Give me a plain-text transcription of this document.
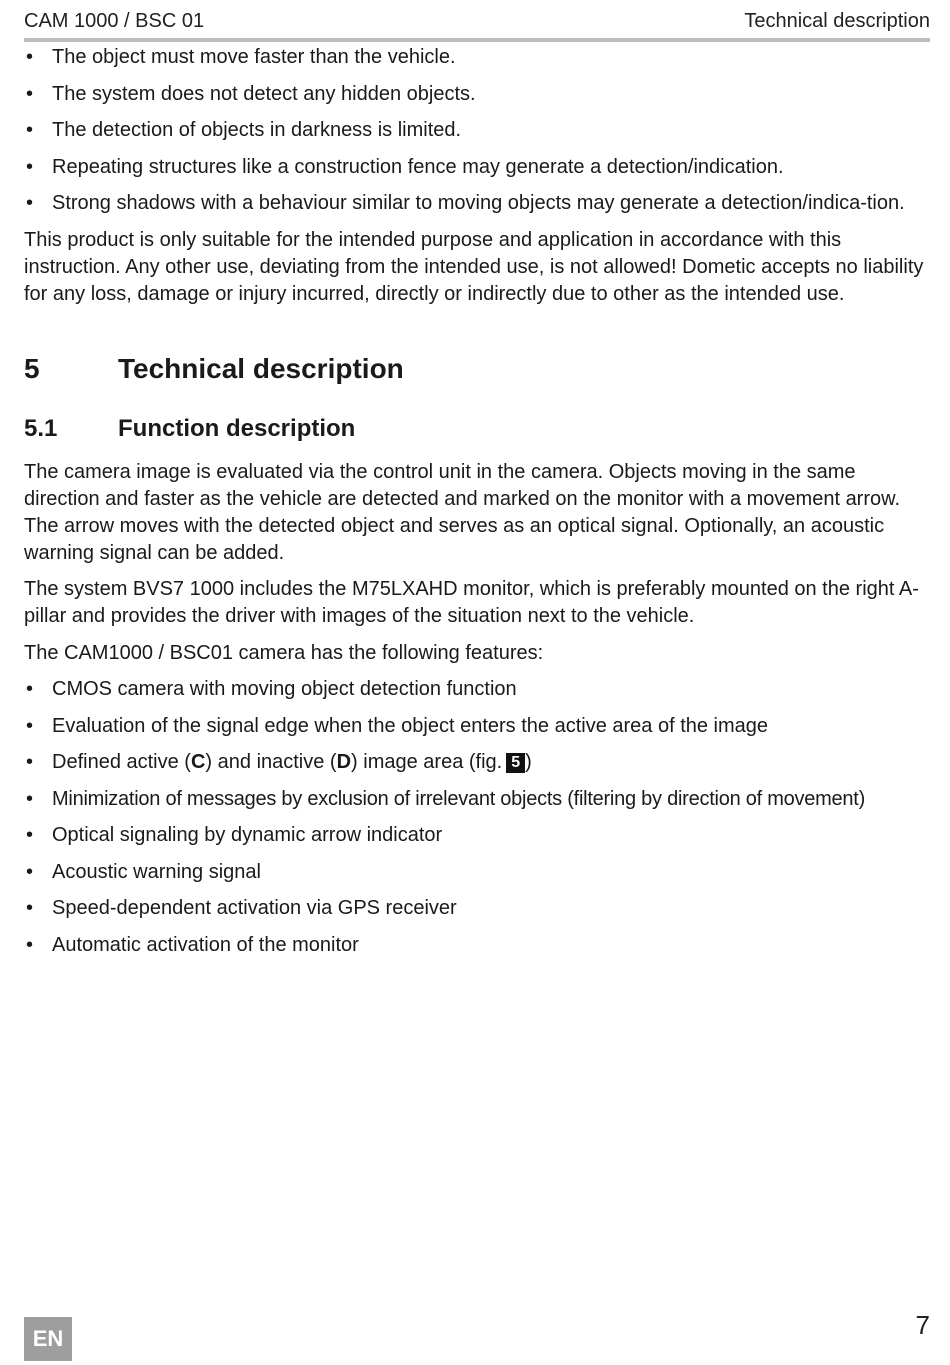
CAM 1000 / BSC 01	Technical description
• The object must move faster than the vehicle.
• The system does not detect any hidden objects.
• The detection of objects in darkness is limited.
• Repeating structures like a construction fence may generate a detection/indication.
• Strong shadows with a behaviour similar to moving objects may generate a detection/indica-tion.

This product is only suitable for the intended purpose and application in accordance with this instruction. Any other use, deviating from the intended use, is not allowed! Dometic accepts no liability for any loss, damage or injury incurred, directly or indirectly due to other as the intended use.

5	Technical description
5.1	Function description

The camera image is evaluated via the control unit in the camera. Objects moving in the same direction and faster as the vehicle are detected and marked on the monitor with a movement arrow. The arrow moves with the detected object and serves as an optical signal. Optionally, an acoustic warning signal can be added.

The system BVS7 1000 includes the M75LXAHD monitor, which is preferably mounted on the right A-pillar and provides the driver with images of the situation next to the vehicle.

The CAM1000 / BSC01 camera has the following features:

• CMOS camera with moving object detection function
• Evaluation of the signal edge when the object enters the active area of the image
• Defined active (C) and inactive (D) image area (fig. 5 )
• Minimization of messages by exclusion of irrelevant objects (filtering by direction of movement)
• Optical signaling by dynamic arrow indicator
• Acoustic warning signal
• Speed-dependent activation via GPS receiver
• Automatic activation of the monitor
EN	7
